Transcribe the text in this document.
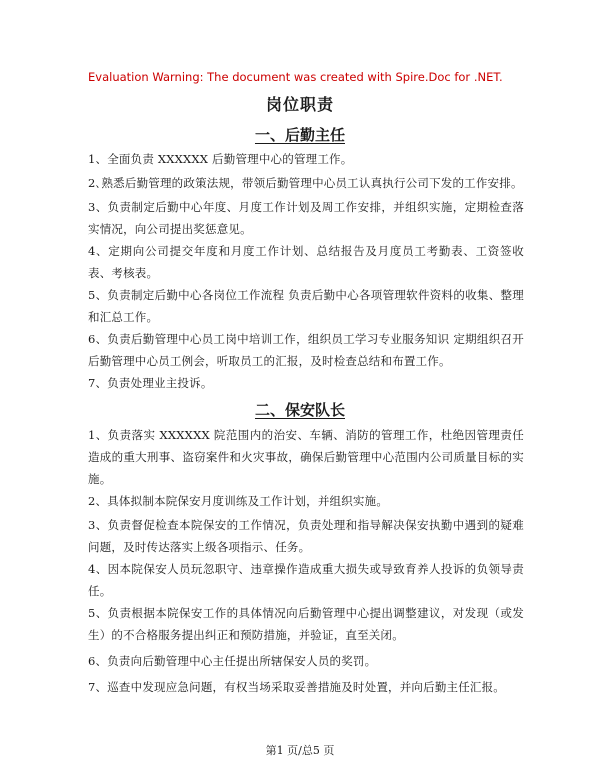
Evaluation Warning: The document was created with Spire.Doc for .NET.
岗位职责
一、后勤主任
1、全面负责 XXXXXX 后勤管理中心的管理工作。
2､熟悉后勤管理的政策法规，带领后勤管理中心员工认真执行公司下发的工作安排。
3、负责制定后勤中心年度、月度工作计划及周工作安排，并组织实施，定期检查落实情况，向公司提出奖惩意见。
4、定期向公司提交年度和月度工作计划、总结报告及月度员工考勤表、工资签收表、考核表。
5、负责制定后勤中心各岗位工作流程 负责后勤中心各项管理软件资料的收集、整理和汇总工作。
6、负责后勤管理中心员工岗中培训工作，组织员工学习专业服务知识 定期组织召开后勤管理中心员工例会，听取员工的汇报，及时检查总结和布置工作。
7、负责处理业主投诉。
二、保安队长
1、负责落实 XXXXXX 院范围内的治安、车辆、消防的管理工作，杜绝因管理责任造成的重大刑事、盗窃案件和火灾事故，确保后勤管理中心范围内公司质量目标的实施。
2、具体拟制本院保安月度训练及工作计划，并组织实施。
3、负责督促检查本院保安的工作情况，负责处理和指导解决保安执勤中遇到的疑难问题，及时传达落实上级各项指示、任务。
4、因本院保安人员玩忽职守、违章操作造成重大损失或导致育养人投诉的负领导责任。
5、负责根据本院保安工作的具体情况向后勤管理中心提出调整建议，对发现（或发生）的不合格服务提出纠正和预防措施，并验证，直至关闭。
6、负责向后勤管理中心主任提出所辖保安人员的奖罚。
7、巡查中发现应急问题，有权当场采取妥善措施及时处置，并向后勤主任汇报。
第1 页/总5 页
